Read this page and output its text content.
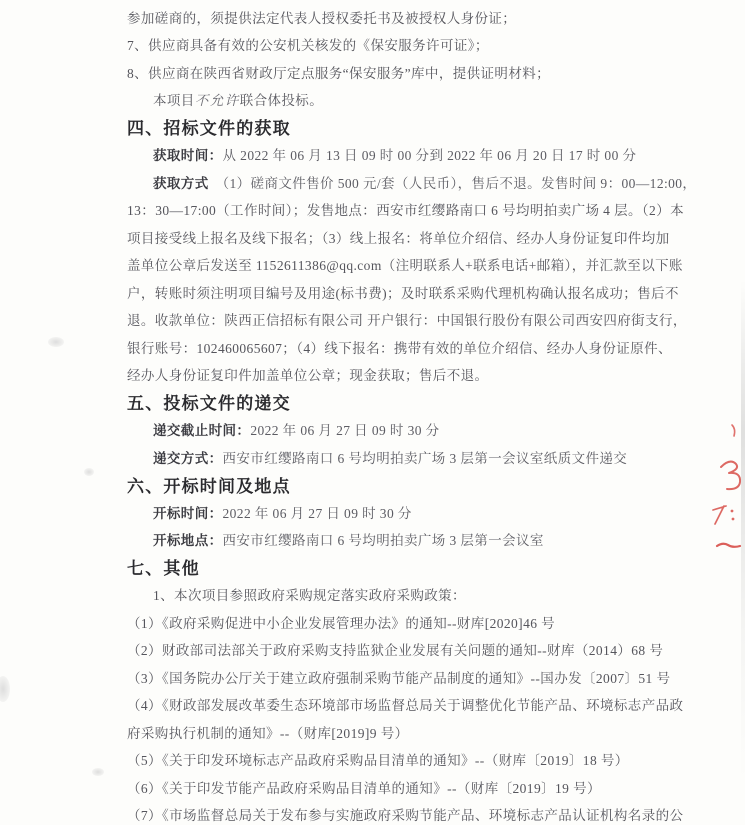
参加磋商的，须提供法定代表人授权委托书及被授权人身份证；
7、供应商具备有效的公安机关核发的《保安服务许可证》；
8、供应商在陕西省财政厅定点服务“保安服务”库中，提供证明材料；
本项目 不允许 联合体投标。
四、招标文件的获取
获取时间： 从 2022 年 06 月 13 日 09 时 00 分到 2022 年 06 月 20 日 17 时 00 分
获取方式 （1）磋商文件售价 500 元/套（人民币），售后不退。发售时间 9：00—12:00，
13：30—17:00（工作时间）；发售地点：西安市红缨路南口 6 号均明拍卖广场 4 层。（2）本
项目接受线上报名及线下报名；（3）线上报名：将单位介绍信、经办人身份证复印件均加
盖单位公章后发送至 1152611386@qq.com（注明联系人+联系电话+邮箱），并汇款至以下账
户，转账时须注明项目编号及用途(标书费)；及时联系采购代理机构确认报名成功；售后不
退。收款单位：陕西正信招标有限公司 开户银行：中国银行股份有限公司西安四府街支行，
银行账号：102460065607；（4）线下报名：携带有效的单位介绍信、经办人身份证原件、
经办人身份证复印件加盖单位公章；现金获取；售后不退。
五、投标文件的递交
递交截止时间： 2022 年 06 月 27 日 09 时 30 分
递交方式： 西安市红缨路南口 6 号均明拍卖广场 3 层第一会议室纸质文件递交
六、开标时间及地点
开标时间： 2022 年 06 月 27 日 09 时 30 分
开标地点： 西安市红缨路南口 6 号均明拍卖广场 3 层第一会议室
七、其他
1、本次项目参照政府采购规定落实政府采购政策：
（1）《政府采购促进中小企业发展管理办法》的通知--财库[2020]46 号
（2）财政部司法部关于政府采购支持监狱企业发展有关问题的通知--财库（2014）68 号
（3）《国务院办公厅关于建立政府强制采购节能产品制度的通知》--国办发〔2007〕51 号
（4）《财政部发展改革委生态环境部市场监督总局关于调整优化节能产品、环境标志产品政
府采购执行机制的通知》--（财库[2019]9 号）
（5）《关于印发环境标志产品政府采购品目清单的通知》--（财库〔2019〕18 号）
（6）《关于印发节能产品政府采购品目清单的通知》--（财库〔2019〕19 号）
（7）《市场监督总局关于发布参与实施政府采购节能产品、环境标志产品认证机构名录的公
